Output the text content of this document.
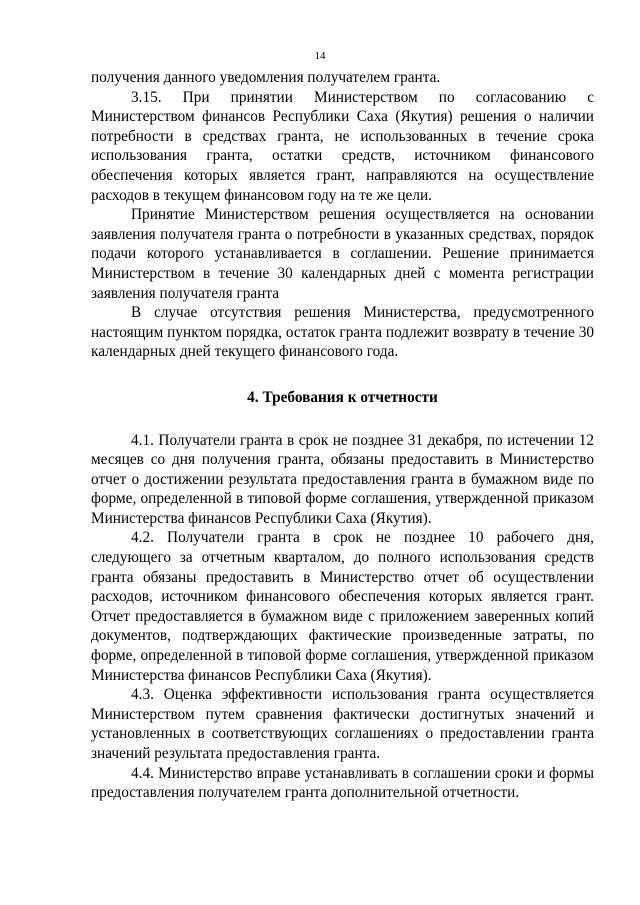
14

получения данного уведомления получателем гранта.

3.15. При принятии Министерством по согласованию с Министерством финансов Республики Саха (Якутия) решения о наличии потребности в средствах гранта, не использованных в течение срока использования гранта, остатки средств, источником финансового обеспечения которых является грант, направляются на осуществление расходов в текущем финансовом году на те же цели.

Принятие Министерством решения осуществляется на основании заявления получателя гранта о потребности в указанных средствах, порядок подачи которого устанавливается в соглашении. Решение принимается Министерством в течение 30 календарных дней с момента регистрации заявления получателя гранта

В случае отсутствия решения Министерства, предусмотренного настоящим пунктом порядка, остаток гранта подлежит возврату в течение 30 календарных дней текущего финансового года.

4. Требования к отчетности

4.1. Получатели гранта в срок не позднее 31 декабря, по истечении 12 месяцев со дня получения гранта, обязаны предоставить в Министерство отчет о достижении результата предоставления гранта в бумажном виде по форме, определенной в типовой форме соглашения, утвержденной приказом Министерства финансов Республики Саха (Якутия).

4.2. Получатели гранта в срок не позднее 10 рабочего дня, следующего за отчетным кварталом, до полного использования средств гранта обязаны предоставить в Министерство отчет об осуществлении расходов, источником финансового обеспечения которых является грант. Отчет предоставляется в бумажном виде с приложением заверенных копий документов, подтверждающих фактические произведенные затраты, по форме, определенной в типовой форме соглашения, утвержденной приказом Министерства финансов Республики Саха (Якутия).

4.3. Оценка эффективности использования гранта осуществляется Министерством путем сравнения фактически достигнутых значений и установленных в соответствующих соглашениях о предоставлении гранта значений результата предоставления гранта.

4.4. Министерство вправе устанавливать в соглашении сроки и формы предоставления получателем гранта дополнительной отчетности.
